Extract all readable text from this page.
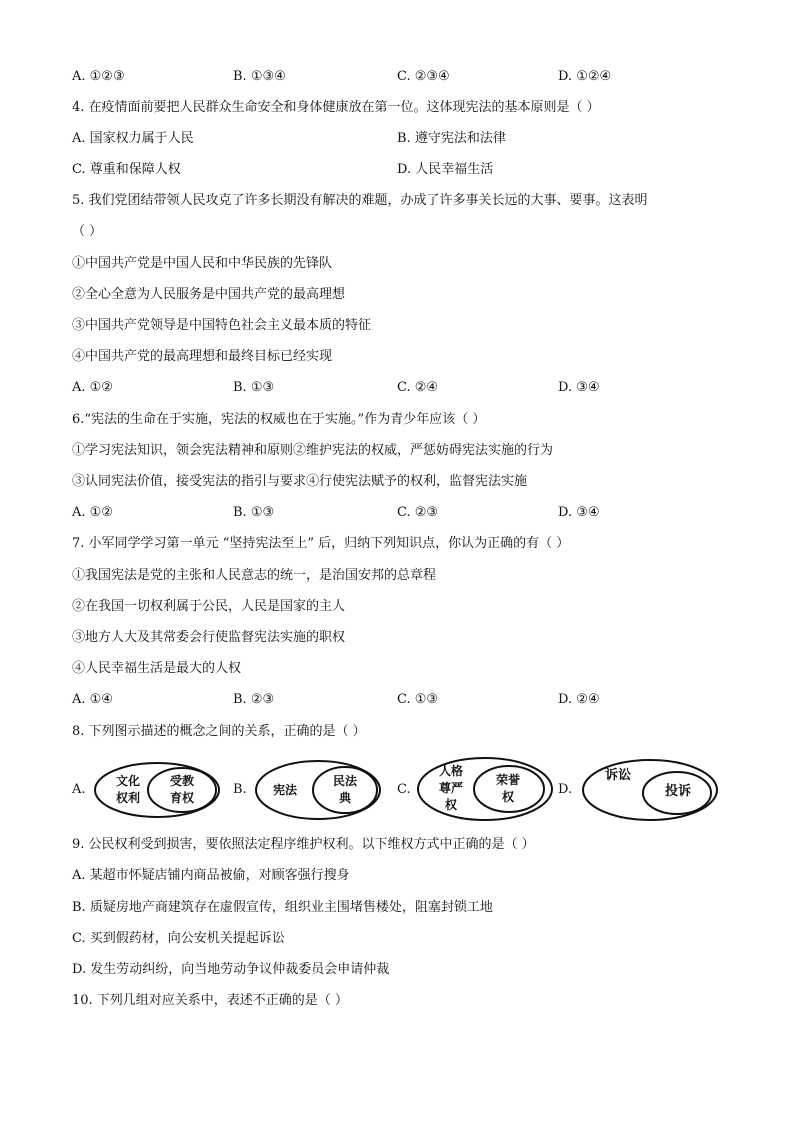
A. ①②③	B. ①③④	C. ②③④	D. ①②④
4. 在疫情面前要把人民群众生命安全和身体健康放在第一位。这体现宪法的基本原则是（ ）
A. 国家权力属于人民	B. 遵守宪法和法律
C. 尊重和保障人权	D. 人民幸福生活
5. 我们党团结带领人民攻克了许多长期没有解决的难题，办成了许多事关长远的大事、要事。这表明
（ ）
①中国共产党是中国人民和中华民族的先锋队
②全心全意为人民服务是中国共产党的最高理想
③中国共产党领导是中国特色社会主义最本质的特征
④中国共产党的最高理想和最终目标已经实现
A. ①②	B. ①③	C. ②④	D. ③④
6.“宪法的生命在于实施，宪法的权威也在于实施。”作为青少年应该（ ）
①学习宪法知识，领会宪法精神和原则②维护宪法的权威，严惩妨碍宪法实施的行为
③认同宪法价值，接受宪法的指引与要求④行使宪法赋予的权利，监督宪法实施
A. ①②	B. ①③	C. ②③	D. ③④
7. 小军同学学习第一单元 “坚持宪法至上” 后，归纳下列知识点，你认为正确的有（ ）
①我国宪法是党的主张和人民意志的统一，是治国安邦的总章程
②在我国一切权利属于公民，人民是国家的主人
③地方人大及其常委会行使监督宪法实施的职权
④人民幸福生活是最大的人权
A. ①④	B. ②③	C. ①③	D. ②④
8. 下列图示描述的概念之间的关系，正确的是（ ）
A.
文化
权利
受教
育权
B.	宪法
民法
典
C.
人格
尊严
权
荣誉
权	D.
诉讼
投诉
9. 公民权利受到损害，要依照法定程序维护权利。以下维权方式中正确的是（ ）
A. 某超市怀疑店铺内商品被偷，对顾客强行搜身
B. 质疑房地产商建筑存在虚假宣传，组织业主围堵售楼处，阻塞封锁工地
C. 买到假药材，向公安机关提起诉讼
D. 发生劳动纠纷，向当地劳动争议仲裁委员会申请仲裁
10. 下列几组对应关系中，表述不正确的是（ ）
